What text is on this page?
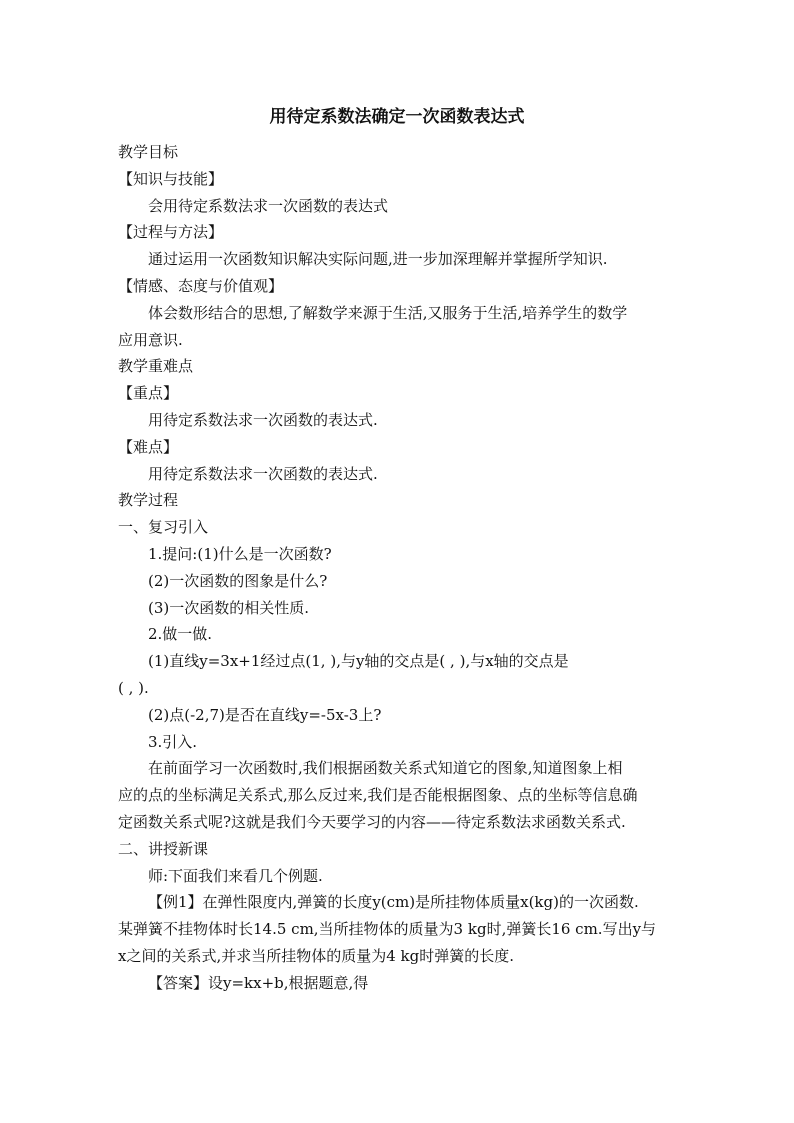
用待定系数法确定一次函数表达式

教学目标

【知识与技能】

会用待定系数法求一次函数的表达式

【过程与方法】

通过运用一次函数知识解决实际问题,进一步加深理解并掌握所学知识.

【情感、态度与价值观】

体会数形结合的思想,了解数学来源于生活,又服务于生活,培养学生的数学

应用意识.

教学重难点

【重点】

用待定系数法求一次函数的表达式.

【难点】

用待定系数法求一次函数的表达式.

教学过程

一、复习引入

1.提问:(1)什么是一次函数?

(2)一次函数的图象是什么?

(3)一次函数的相关性质.

2.做一做.

(1)直线y=3x+1经过点(1, ),与y轴的交点是( , ),与x轴的交点是

( , ).

(2)点(-2,7)是否在直线y=-5x-3上?

3.引入.

在前面学习一次函数时,我们根据函数关系式知道它的图象,知道图象上相

应的点的坐标满足关系式,那么反过来,我们是否能根据图象、点的坐标等信息确

定函数关系式呢?这就是我们今天要学习的内容——待定系数法求函数关系式.

二、讲授新课

师:下面我们来看几个例题.

【例1】在弹性限度内,弹簧的长度y(cm)是所挂物体质量x(kg)的一次函数.

某弹簧不挂物体时长14.5 cm,当所挂物体的质量为3 kg时,弹簧长16 cm.写出y与

x之间的关系式,并求当所挂物体的质量为4 kg时弹簧的长度.

【答案】设y=kx+b,根据题意,得
